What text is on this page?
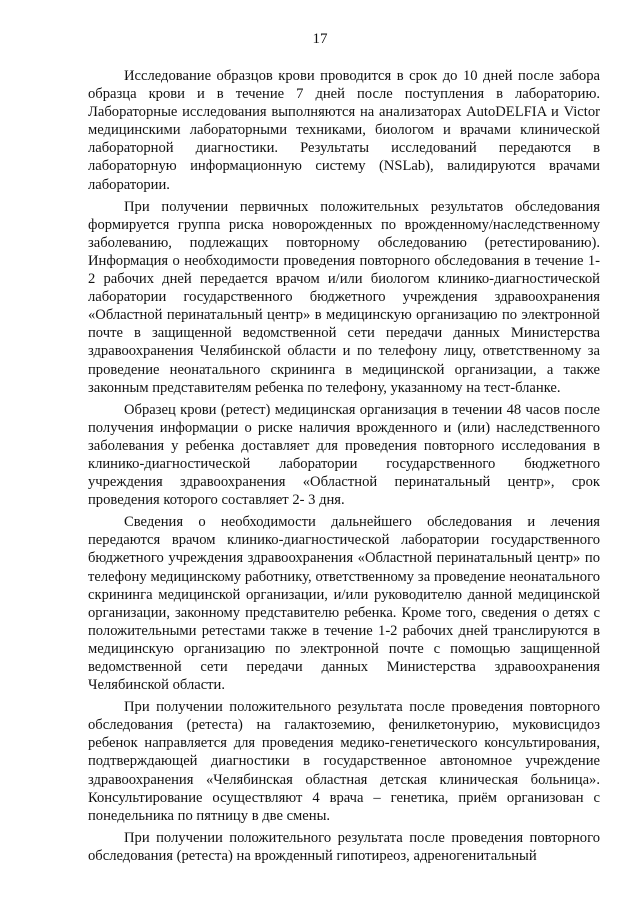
17

Исследование образцов крови проводится в срок до 10 дней после забора образца крови и в течение 7 дней после поступления в лабораторию. Лабораторные исследования выполняются на анализаторах AutoDELFIA и Victor медицинскими лабораторными техниками, биологом и врачами клинической лабораторной диагностики. Результаты исследований передаются в лабораторную информационную систему (NSLab), валидируются врачами лаборатории.

При получении первичных положительных результатов обследования формируется группа риска новорожденных по врожденному/наследственному заболеванию, подлежащих повторному обследованию (ретестированию). Информация о необходимости проведения повторного обследования в течение 1-2 рабочих дней передается врачом и/или биологом клинико-диагностической лаборатории государственного бюджетного учреждения здравоохранения «Областной перинатальный центр» в медицинскую организацию по электронной почте в защищенной ведомственной сети передачи данных Министерства здравоохранения Челябинской области и по телефону лицу, ответственному за проведение неонатального скрининга в медицинской организации, а также законным представителям ребенка по телефону, указанному на тест-бланке.

Образец крови (ретест) медицинская организация в течении 48 часов после получения информации о риске наличия врожденного и (или) наследственного заболевания у ребенка доставляет для проведения повторного исследования в клинико-диагностической лаборатории государственного бюджетного учреждения здравоохранения «Областной перинатальный центр», срок проведения которого составляет 2- 3 дня.

Сведения о необходимости дальнейшего обследования и лечения передаются врачом клинико-диагностической лаборатории государственного бюджетного учреждения здравоохранения «Областной перинатальный центр» по телефону медицинскому работнику, ответственному за проведение неонатального скрининга медицинской организации, и/или руководителю данной медицинской организации, законному представителю ребенка. Кроме того, сведения о детях с положительными ретестами также в течение 1-2 рабочих дней транслируются в медицинскую организацию по электронной почте с помощью защищенной ведомственной сети передачи данных Министерства здравоохранения Челябинской области.

При получении положительного результата после проведения повторного обследования (ретеста) на галактоземию, фенилкетонурию, муковисцидоз ребенок направляется для проведения медико-генетического консультирования, подтверждающей диагностики в государственное автономное учреждение здравоохранения «Челябинская областная детская клиническая больница». Консультирование осуществляют 4 врача – генетика, приём организован с понедельника по пятницу в две смены.

При получении положительного результата после проведения повторного обследования (ретеста) на врожденный гипотиреоз, адреногенитальный
